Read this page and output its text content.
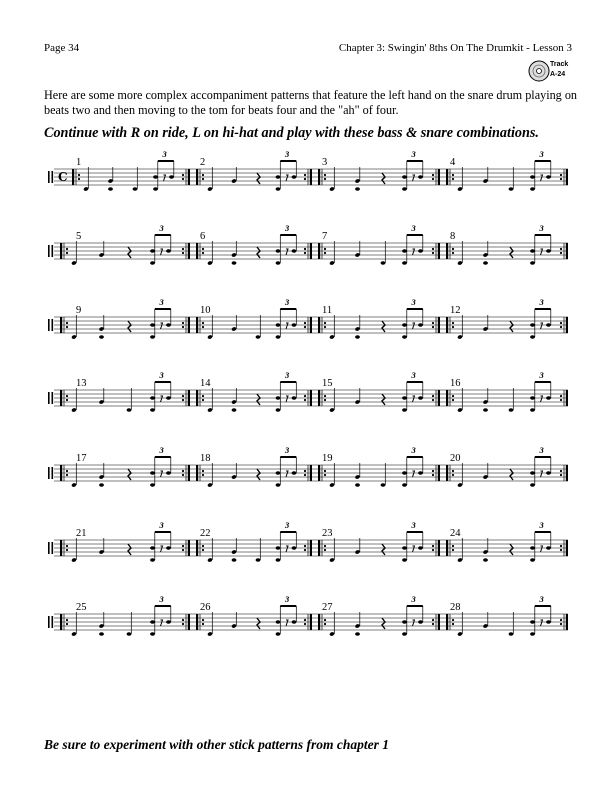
Page 34	Chapter 3: Swingin' 8ths On The Drumkit - Lesson 3
Track
A-24
Here are some more complex accompaniment patterns that feature the left hand on the snare drum playing on beats two and then moving to the tom for beats four and the "ah" of four.
Continue with R on ride, L on hi-hat and play with these bass & snare combinations.
C
1
3
2
3
3
3
4
3
5
3
6
3
7
3
8
3
9
3
10
3
11
3
12
3
13
3
14
3
15
3
16
3
17
3
18
3
19
3
20
3
21
3
22
3
23
3
24
3
25
3
26
3
27
3
28
3
Be sure to experiment with other stick patterns from chapter 1
